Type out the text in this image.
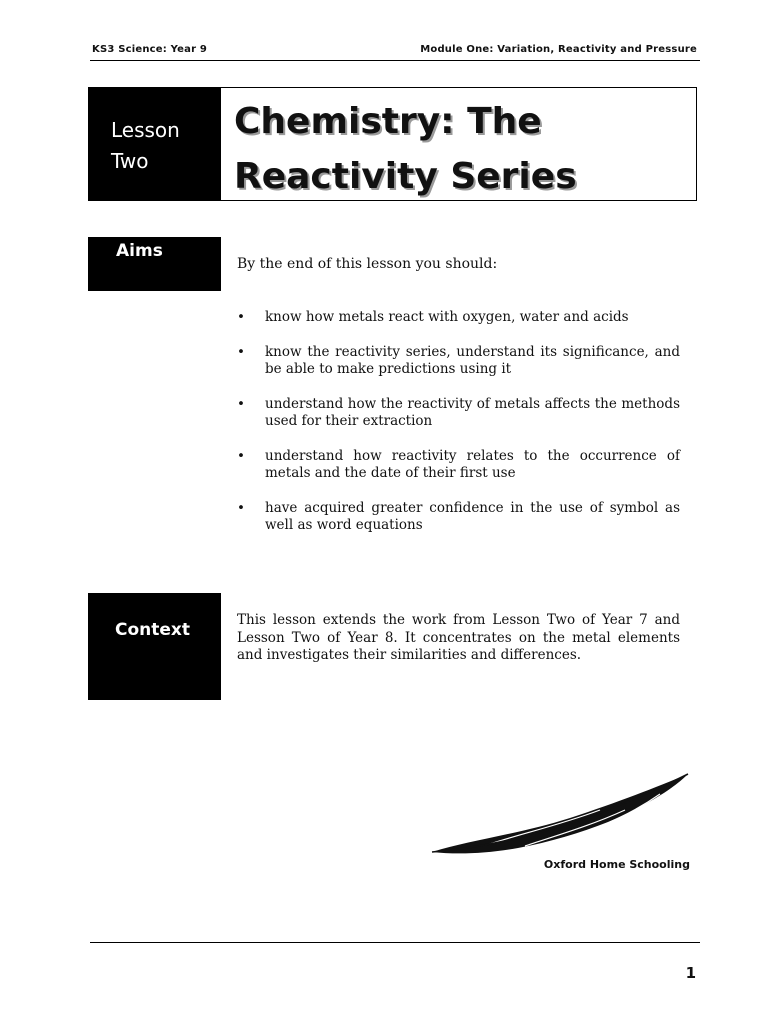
KS3 Science: Year 9	Module One: Variation, Reactivity and Pressure
Lesson
Two
Chemistry: The
Reactivity Series
Aims
By the end of this lesson you should:
• know how metals react with oxygen, water and acids
• know the reactivity series, understand its significance, and be able to make predictions using it
• understand how the reactivity of metals affects the methods used for their extraction
• understand how reactivity relates to the occurrence of metals and the date of their first use
• have acquired greater confidence in the use of symbol as well as word equations
Context	This lesson extends the work from Lesson Two of Year 7 and Lesson Two of Year 8. It concentrates on the metal elements and investigates their similarities and differences.
Oxford Home Schooling
1
